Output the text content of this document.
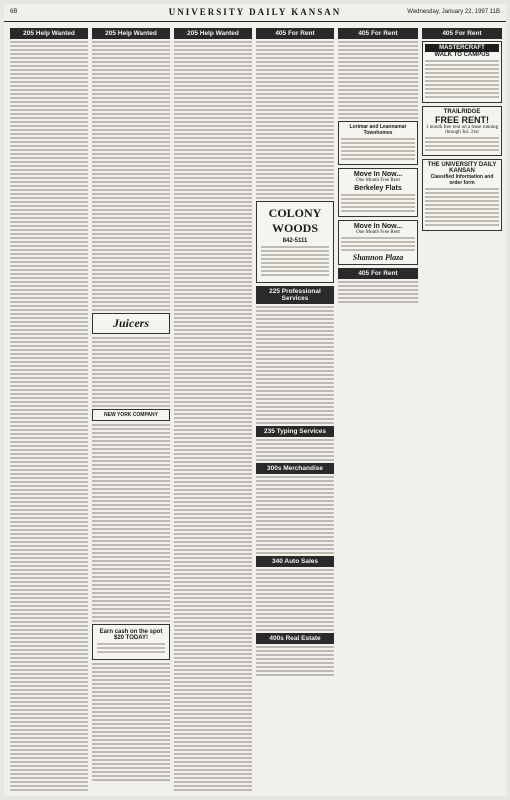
6B	UNIVERSITY DAILY KANSAN	Wednesday, January 22, 1997 11B
205 Help Wanted	205 Help Wanted
Juicers
NEW YORK COMPANY
Earn cash on the spot $20 TODAY!
205 Help Wanted	405 For Rent
COLONY WOODS
842-5111
225 Professional Services
235 Typing Services
300s Merchandise
340 Auto Sales
400s Real Estate
405 For Rent
Lorimar and Leannamar Townhomes
Move In Now...
One Month Free Rent
Berkeley Flats
Move In Now...
One Month Free Rent
Shannon Plaza
405 For Rent
405 For Rent
MASTERCRAFT
WALK TO CAMPUS
TRAILRIDGE
FREE RENT!
1 month free rent on a lease running through Jul. 31st
THE UNIVERSITY DAILY KANSAN
Classified Information and order form
